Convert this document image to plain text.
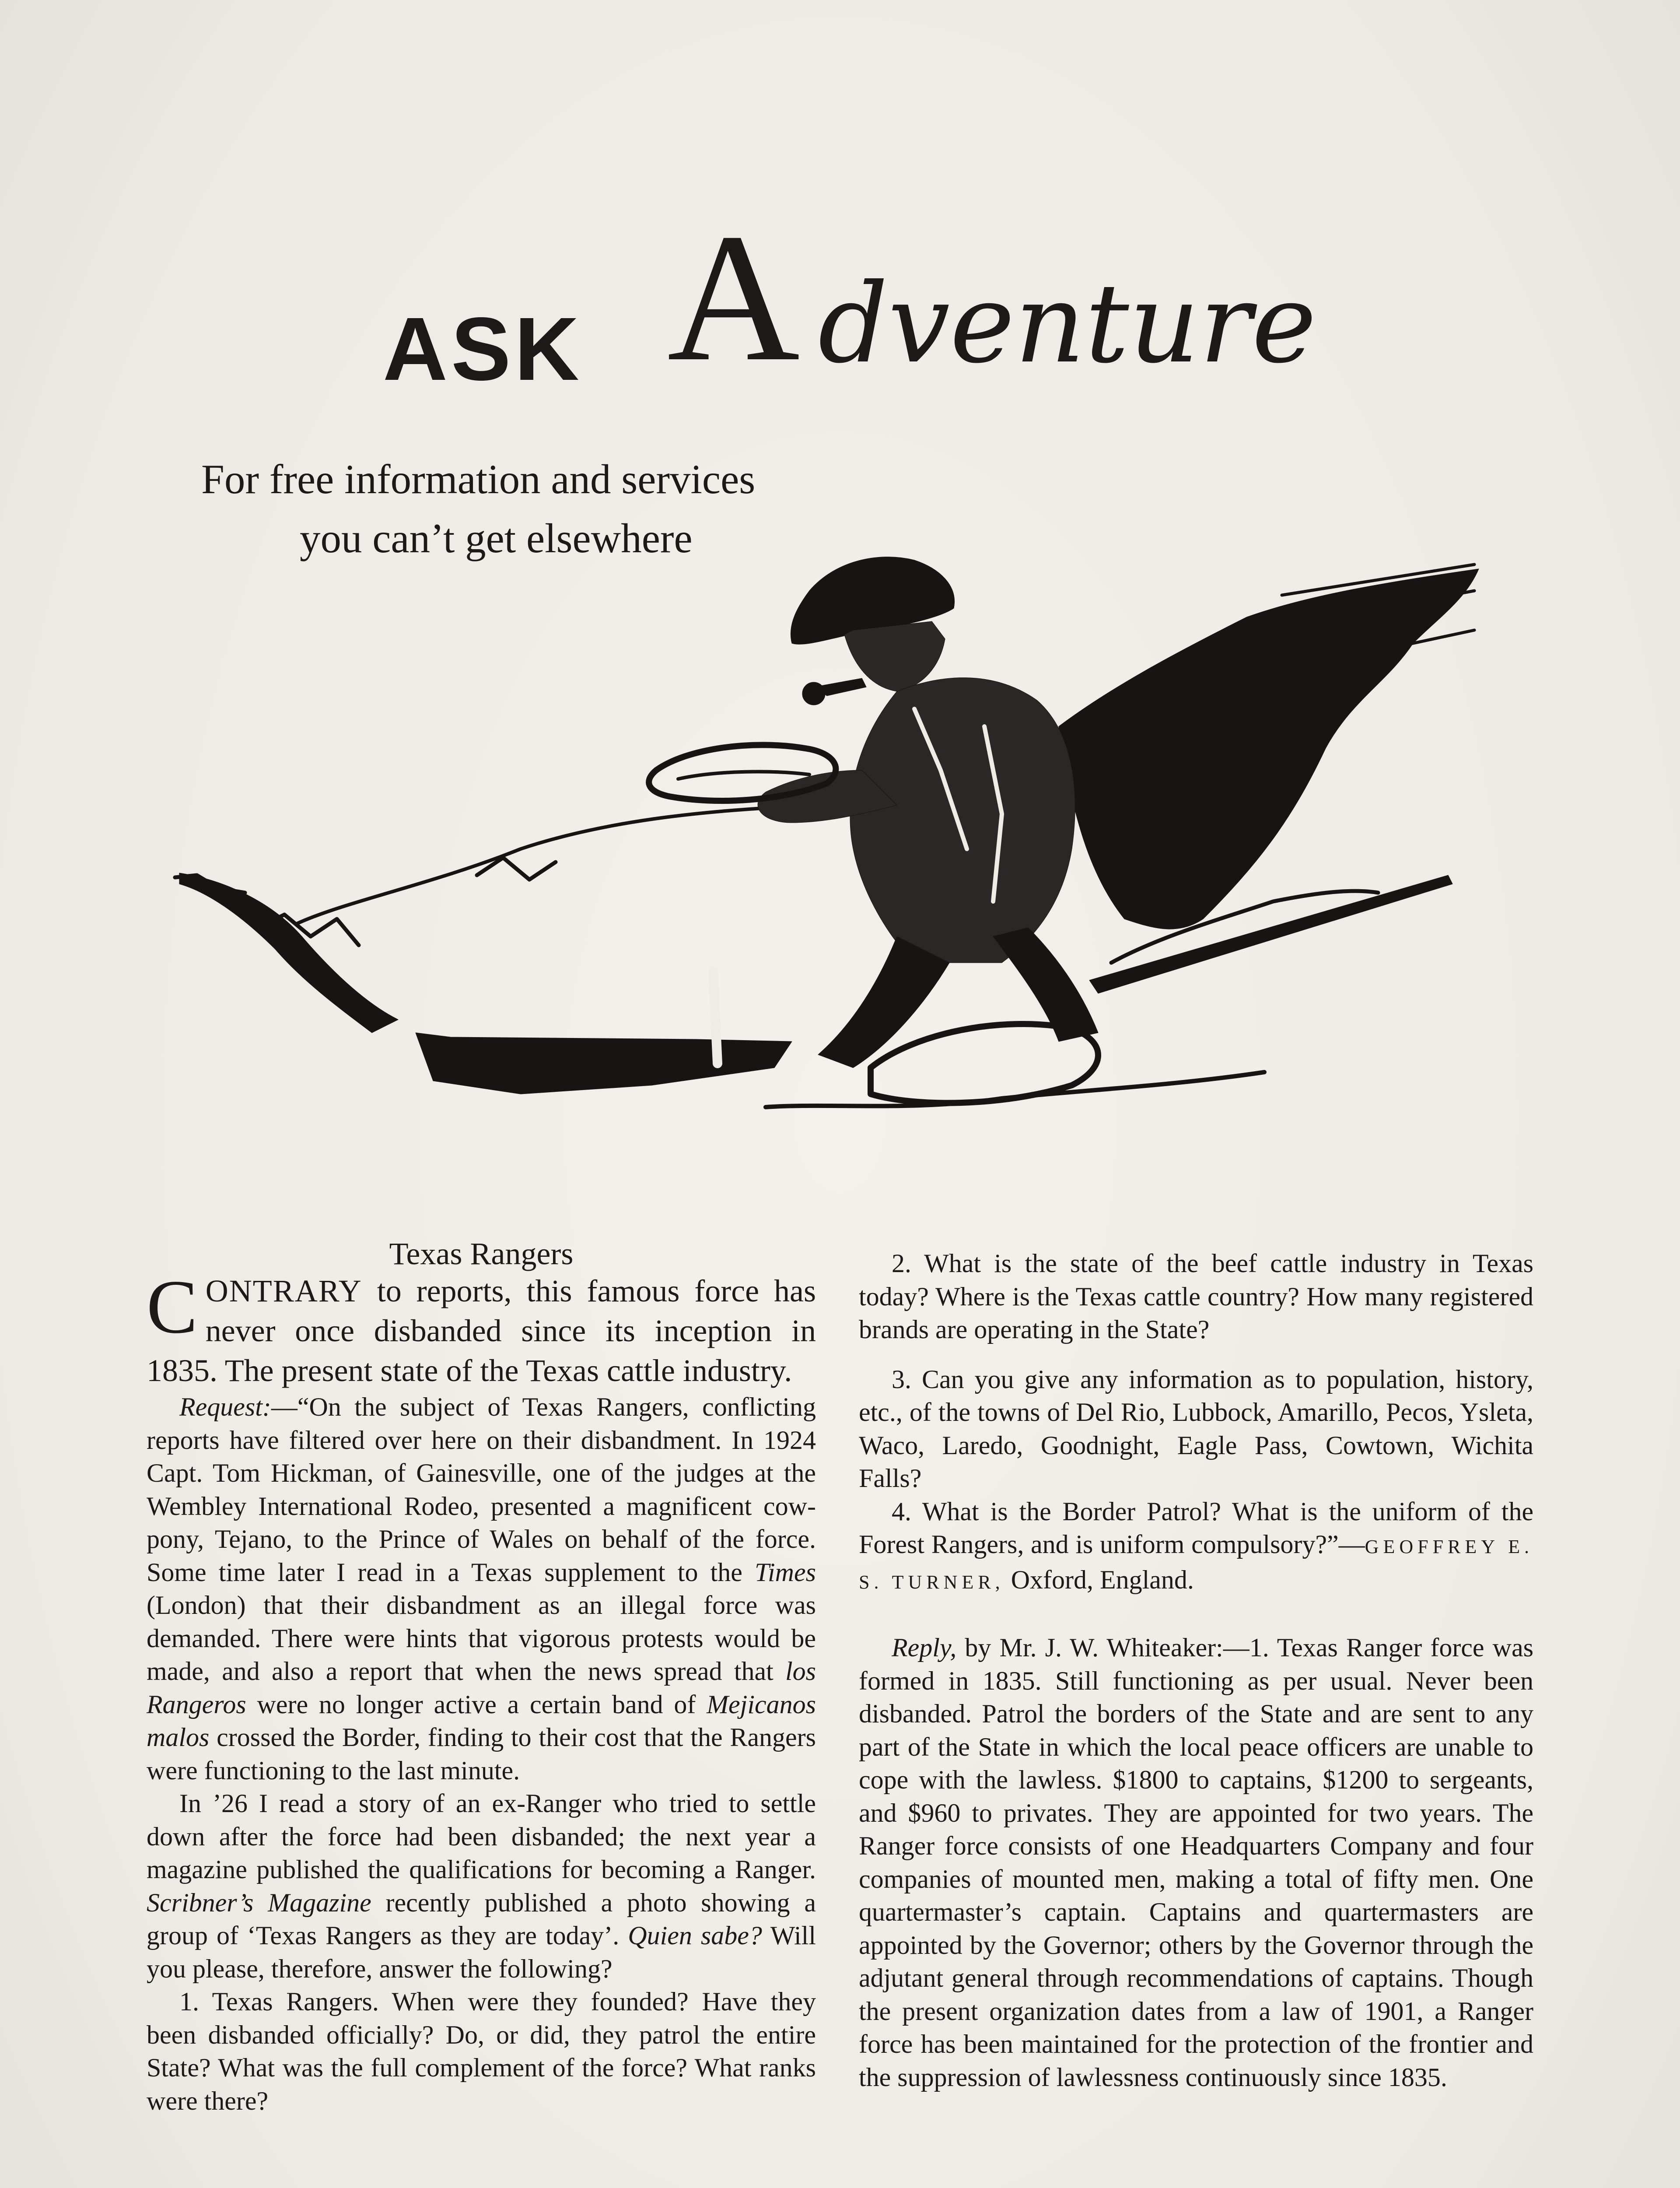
ASK A dventure
For free information and services
you can’t get elsewhere

Texas Rangers

CONTRARY to reports, this famous force has never once disbanded since its inception in 1835. The present state of the Texas cattle industry.

Request:—“On the subject of Texas Rangers, conflicting reports have filtered over here on their disbandment. In 1924 Capt. Tom Hickman, of Gainesville, one of the judges at the Wembley International Rodeo, presented a magnificent cow-pony, Tejano, to the Prince of Wales on behalf of the force. Some time later I read in a Texas supplement to the Times (London) that their disbandment as an illegal force was demanded. There were hints that vigorous protests would be made, and also a report that when the news spread that los Rangeros were no longer active a certain band of Mejicanos malos crossed the Border, finding to their cost that the Rangers were functioning to the last minute.

In ’26 I read a story of an ex-Ranger who tried to settle down after the force had been disbanded; the next year a magazine published the qualifications for becoming a Ranger. Scribner’s Magazine recently published a photo showing a group of ‘Texas Rangers as they are today’. Quien sabe? Will you please, therefore, answer the following?

1. Texas Rangers. When were they founded? Have they been disbanded officially? Do, or did, they patrol the entire State? What was the full complement of the force? What ranks were there?

2. What is the state of the beef cattle industry in Texas today? Where is the Texas cattle country? How many registered brands are operating in the State?

3. Can you give any information as to population, history, etc., of the towns of Del Rio, Lubbock, Amarillo, Pecos, Ysleta, Waco, Laredo, Goodnight, Eagle Pass, Cowtown, Wichita Falls?

4. What is the Border Patrol? What is the uniform of the Forest Rangers, and is uniform compulsory?”—GEOFFREY E. S. TURNER, Oxford, England.

Reply, by Mr. J. W. Whiteaker:—1. Texas Ranger force was formed in 1835. Still functioning as per usual. Never been disbanded. Patrol the borders of the State and are sent to any part of the State in which the local peace officers are unable to cope with the lawless. $1800 to captains, $1200 to sergeants, and $960 to privates. They are appointed for two years. The Ranger force consists of one Headquarters Company and four companies of mounted men, making a total of fifty men. One quartermaster’s captain. Captains and quartermasters are appointed by the Governor; others by the Governor through the adjutant general through recommendations of captains. Though the present organization dates from a law of 1901, a Ranger force has been maintained for the protection of the frontier and the suppression of lawlessness continuously since 1835.
